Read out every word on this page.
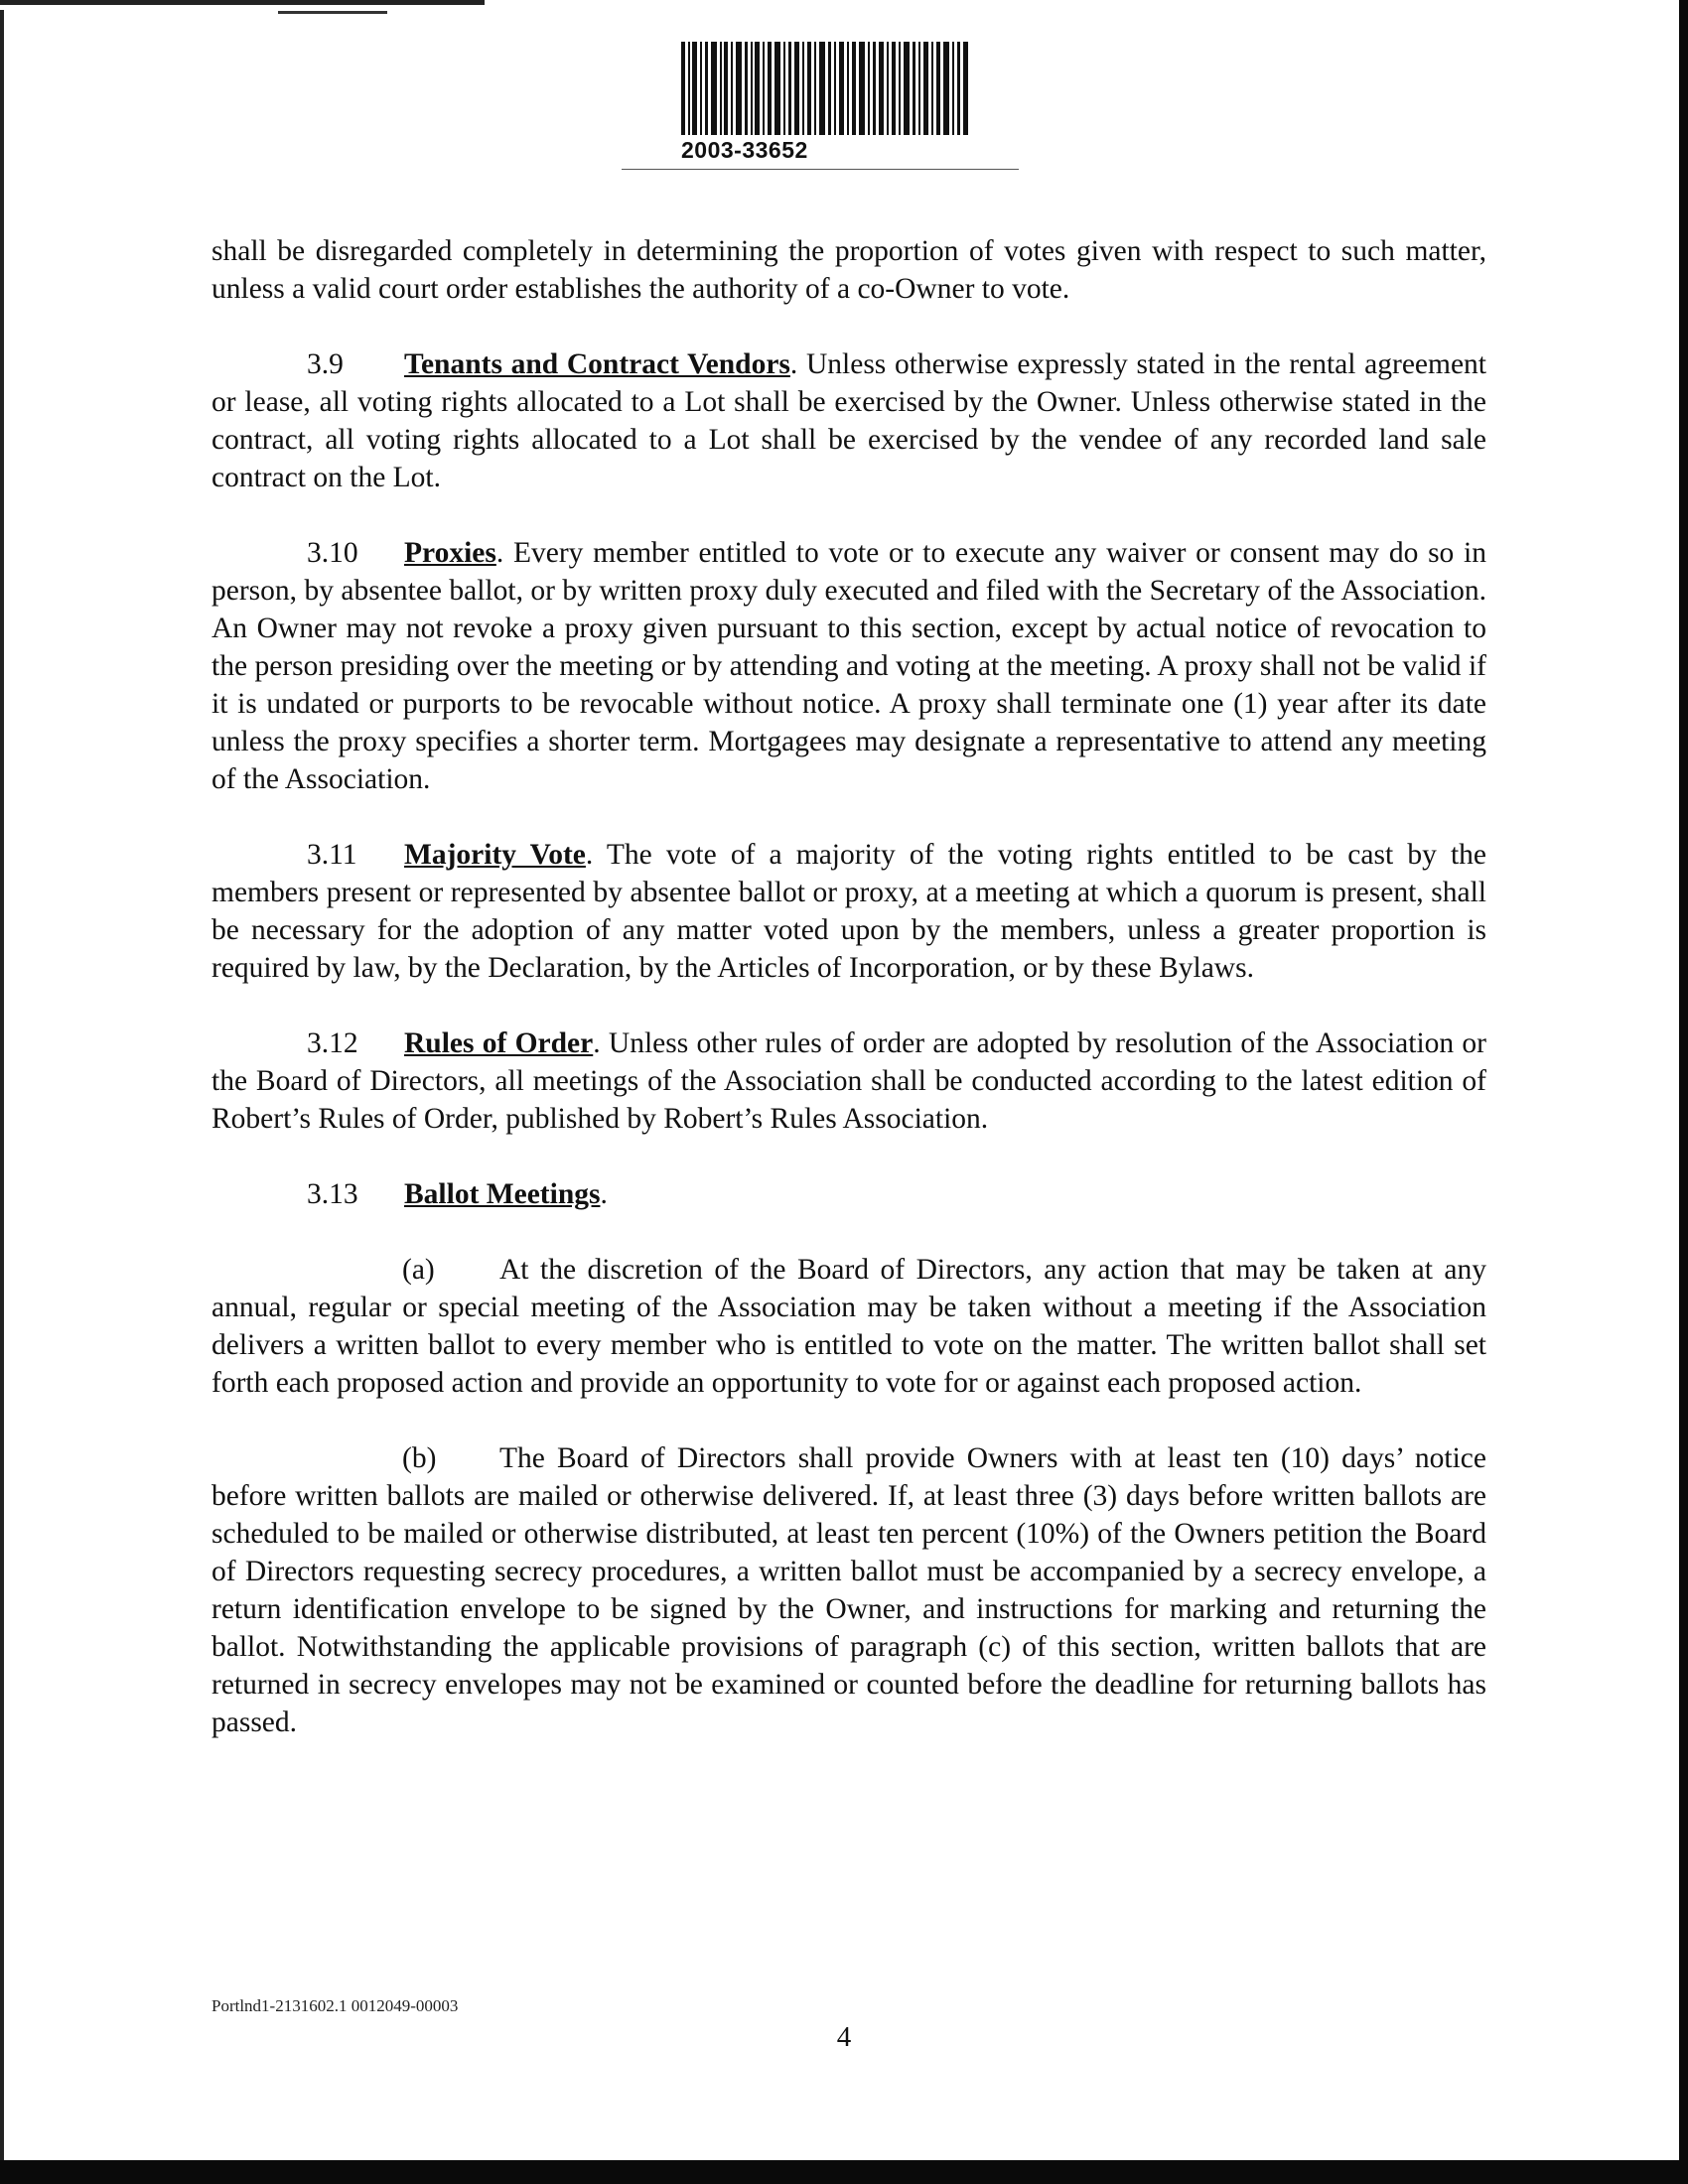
2003-33652

shall be disregarded completely in determining the proportion of votes given with respect to such matter, unless a valid court order establishes the authority of a co-Owner to vote.

3.9 Tenants and Contract Vendors. Unless otherwise expressly stated in the rental agreement or lease, all voting rights allocated to a Lot shall be exercised by the Owner. Unless otherwise stated in the contract, all voting rights allocated to a Lot shall be exercised by the vendee of any recorded land sale contract on the Lot.

3.10 Proxies. Every member entitled to vote or to execute any waiver or consent may do so in person, by absentee ballot, or by written proxy duly executed and filed with the Secretary of the Association. An Owner may not revoke a proxy given pursuant to this section, except by actual notice of revocation to the person presiding over the meeting or by attending and voting at the meeting. A proxy shall not be valid if it is undated or purports to be revocable without notice. A proxy shall terminate one (1) year after its date unless the proxy specifies a shorter term. Mortgagees may designate a representative to attend any meeting of the Association.

3.11 Majority Vote. The vote of a majority of the voting rights entitled to be cast by the members present or represented by absentee ballot or proxy, at a meeting at which a quorum is present, shall be necessary for the adoption of any matter voted upon by the members, unless a greater proportion is required by law, by the Declaration, by the Articles of Incorporation, or by these Bylaws.

3.12 Rules of Order. Unless other rules of order are adopted by resolution of the Association or the Board of Directors, all meetings of the Association shall be conducted according to the latest edition of Robert’s Rules of Order, published by Robert’s Rules Association.

3.13 Ballot Meetings.

(a) At the discretion of the Board of Directors, any action that may be taken at any annual, regular or special meeting of the Association may be taken without a meeting if the Association delivers a written ballot to every member who is entitled to vote on the matter. The written ballot shall set forth each proposed action and provide an opportunity to vote for or against each proposed action.

(b) The Board of Directors shall provide Owners with at least ten (10) days’ notice before written ballots are mailed or otherwise delivered. If, at least three (3) days before written ballots are scheduled to be mailed or otherwise distributed, at least ten percent (10%) of the Owners petition the Board of Directors requesting secrecy procedures, a written ballot must be accompanied by a secrecy envelope, a return identification envelope to be signed by the Owner, and instructions for marking and returning the ballot. Notwithstanding the applicable provisions of paragraph (c) of this section, written ballots that are returned in secrecy envelopes may not be examined or counted before the deadline for returning ballots has passed.

Portlnd1-2131602.1 0012049-00003
4
